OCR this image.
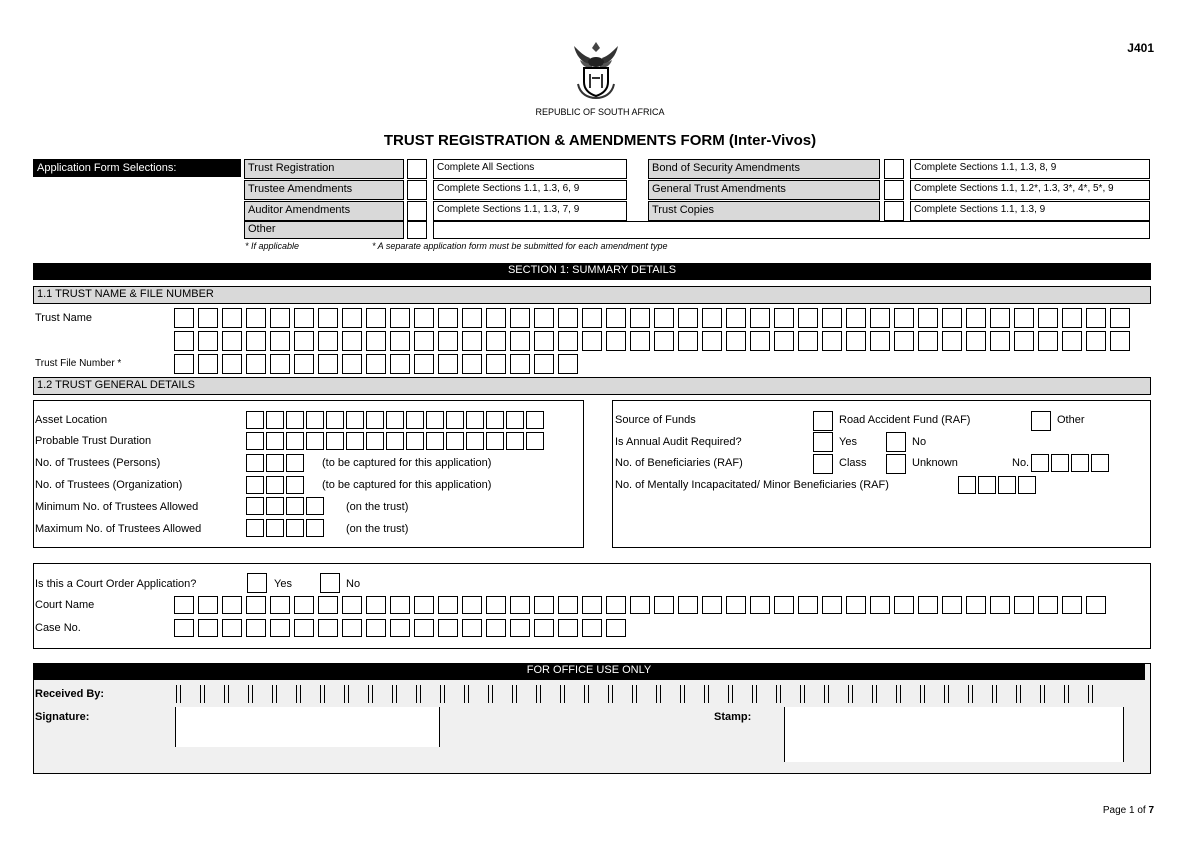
J401
REPUBLIC OF SOUTH AFRICA
TRUST REGISTRATION & AMENDMENTS FORM (Inter-Vivos)
Application Form Selections:	Trust Registration	Complete All Sections	Bond of Security Amendments	Complete Sections 1.1, 1.3, 8, 9
Trustee Amendments	Complete Sections 1.1, 1.3, 6, 9	General Trust Amendments	Complete Sections 1.1, 1.2*, 1.3, 3*, 4*, 5*, 9
Auditor Amendments	Complete Sections 1.1, 1.3, 7, 9	Trust Copies	Complete Sections 1.1, 1.3, 9
Other
* If applicable	* A separate application form must be submitted for each amendment type
SECTION 1: SUMMARY DETAILS
1.1 TRUST NAME & FILE NUMBER
Trust Name
Trust File Number *
1.2 TRUST GENERAL DETAILS
Asset Location
Probable Trust Duration
No. of Trustees (Persons)	(to be captured for this application)
No. of Trustees (Organization)	(to be captured for this application)
Minimum No. of Trustees Allowed	(on the trust)
Maximum No. of Trustees Allowed	(on the trust)
Source of Funds	Road Accident Fund (RAF)	Other
Is Annual Audit Required?	Yes	No
No. of Beneficiaries (RAF)	Class	Unknown	No.
No. of Mentally Incapacitated/ Minor Beneficiaries (RAF)
Is this a Court Order Application?	Yes	No
Court Name
Case No.
FOR OFFICE USE ONLY
Received By:
Signature:	Stamp:
Page 1 of 7
